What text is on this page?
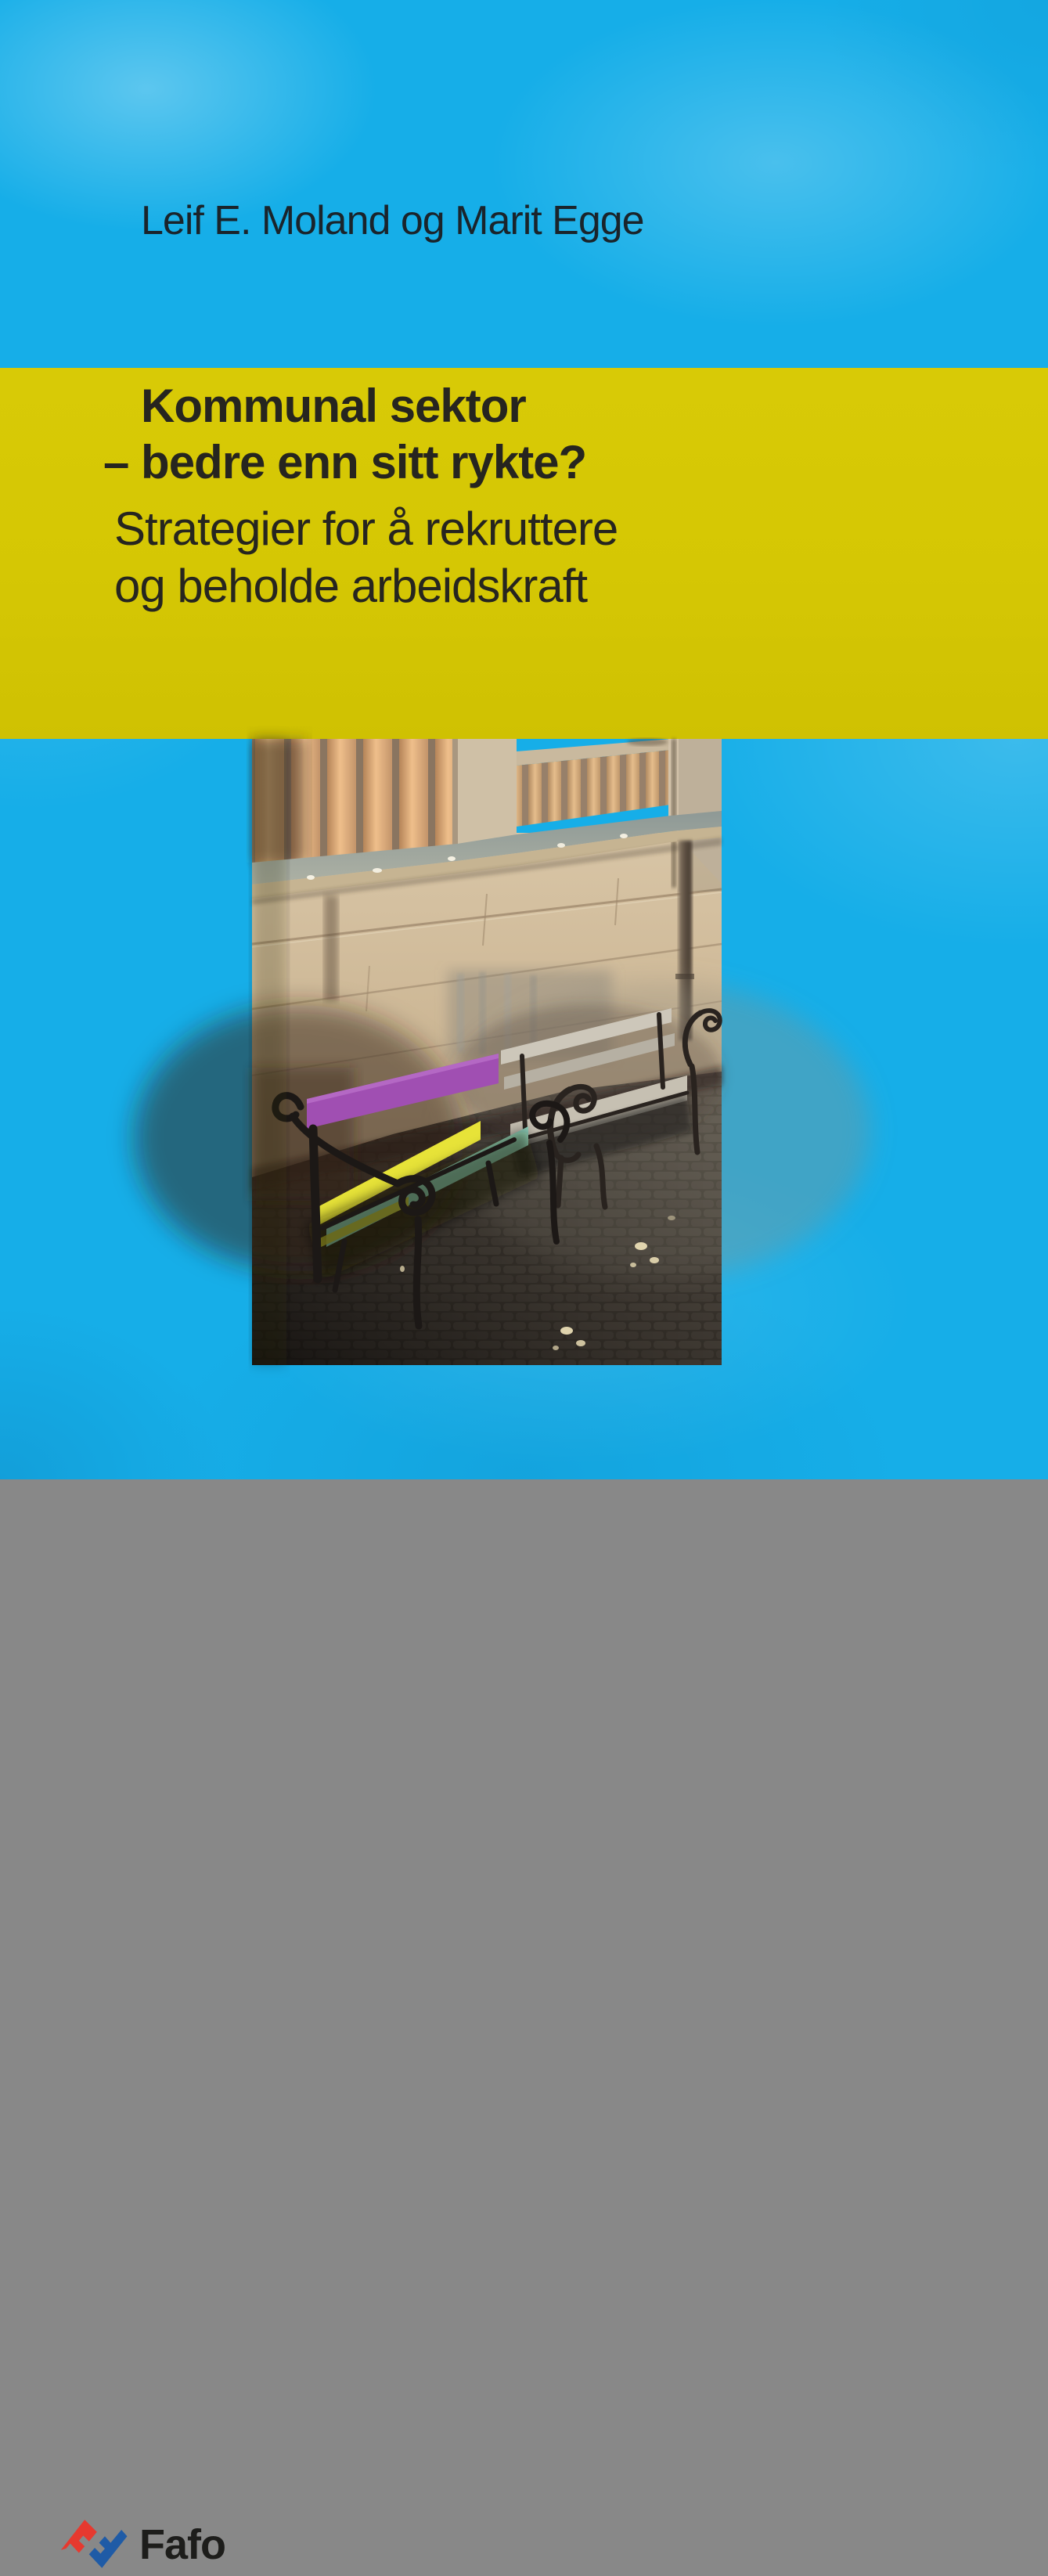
Leif E. Moland og Marit Egge
Kommunal sektor
– bedre enn sitt rykte?
Strategier for å rekruttere
og beholde arbeidskraft
Fafo
